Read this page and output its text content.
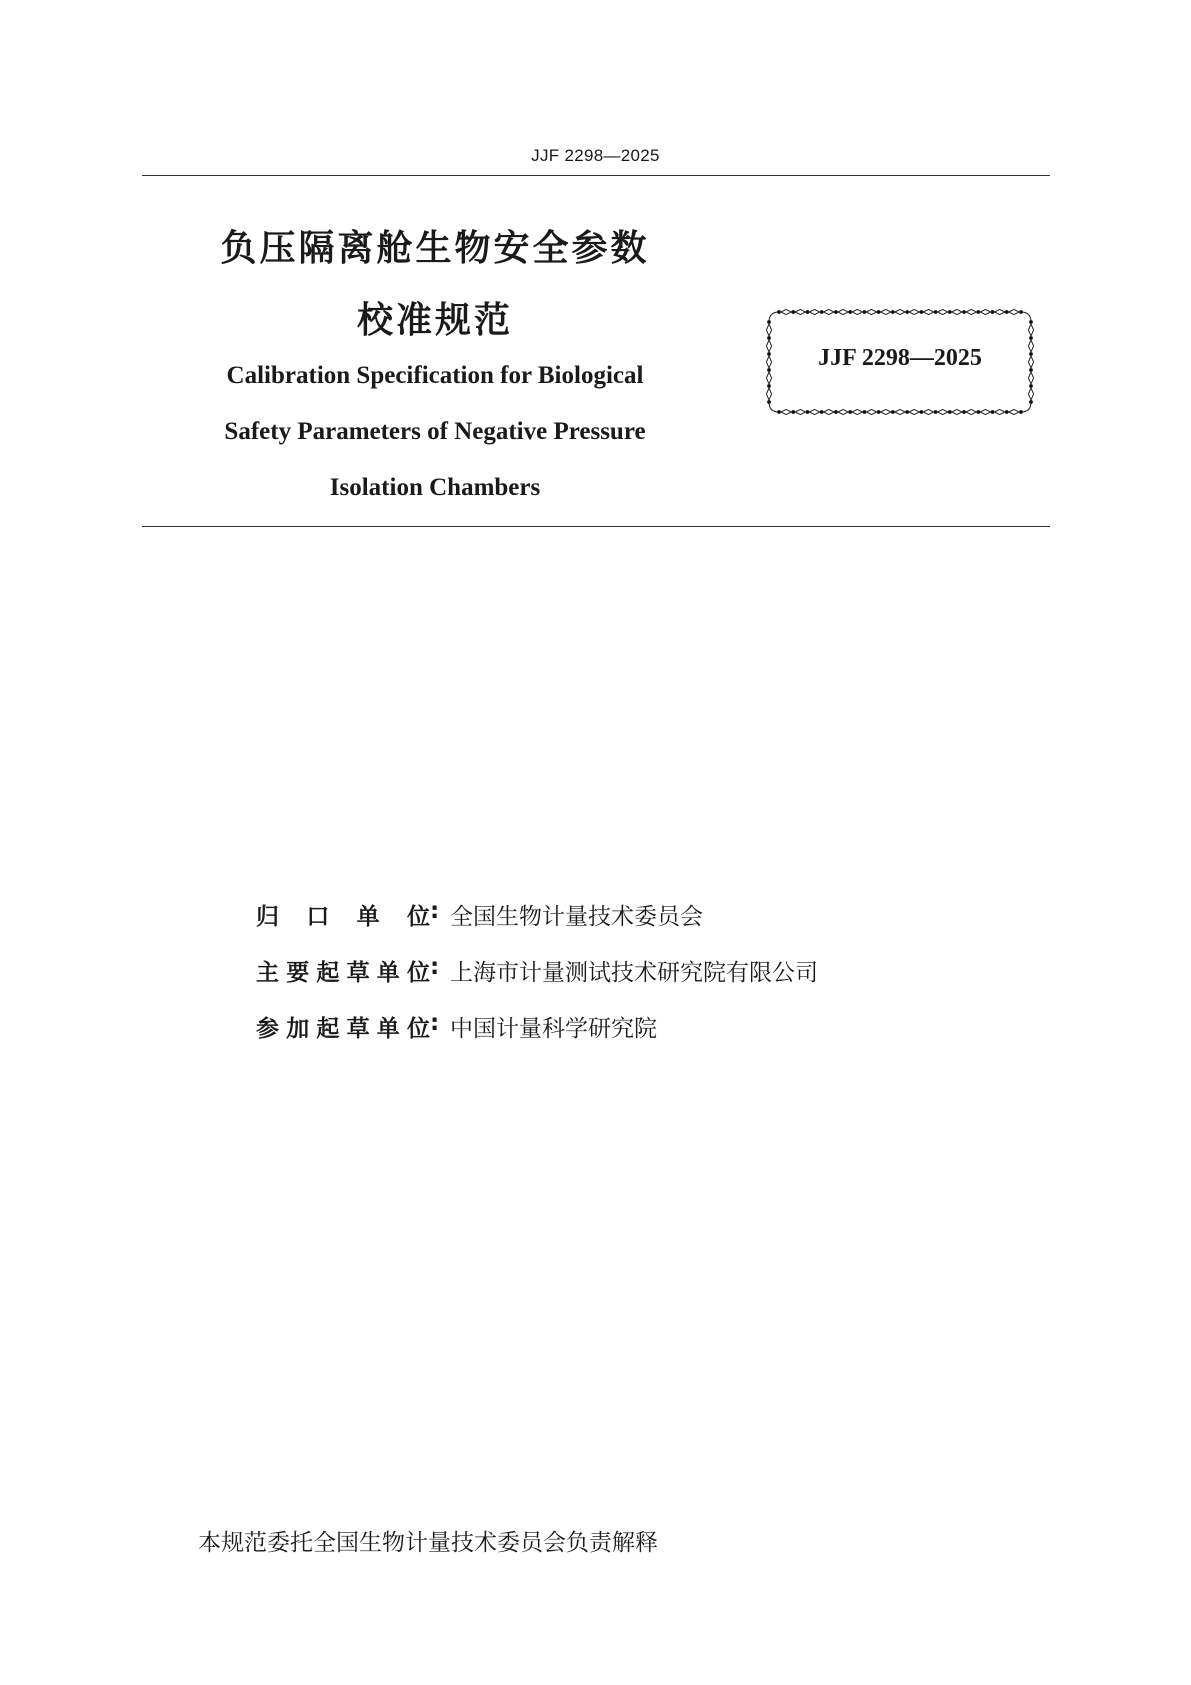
JJF 2298—2025
负压隔离舱生物安全参数
校准规范
Calibration Specification for Biological
Safety Parameters of Negative Pressure
Isolation Chambers
JJF 2298—2025
归口单位: 全国生物计量技术委员会
主要起草单位: 上海市计量测试技术研究院有限公司
参加起草单位: 中国计量科学研究院
本规范委托全国生物计量技术委员会负责解释
